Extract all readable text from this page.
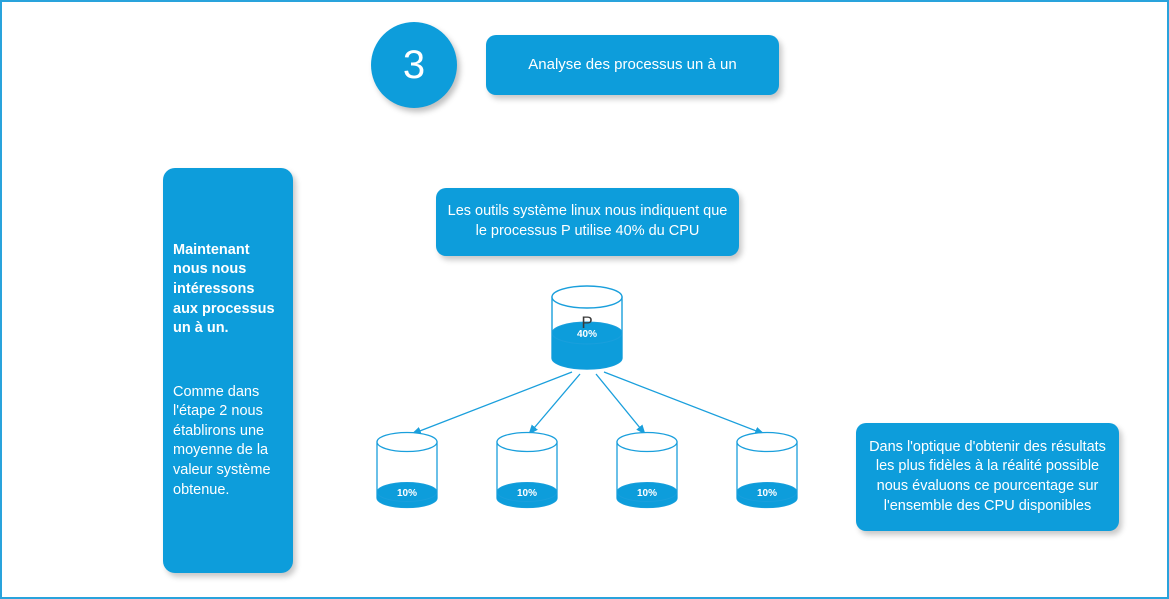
3	Analyse des processus un à un
Maintenant nous nous intéressons aux processus un à un.
Comme dans l'étape 2 nous établirons une moyenne de la valeur système obtenue.
Les outils système linux nous indiquent que le processus P utilise 40% du CPU
Dans l'optique d'obtenir des résultats les plus fidèles à la réalité possible nous évaluons ce pourcentage sur l'ensemble des CPU disponibles
P
40%
10%	10%	10%	10%
